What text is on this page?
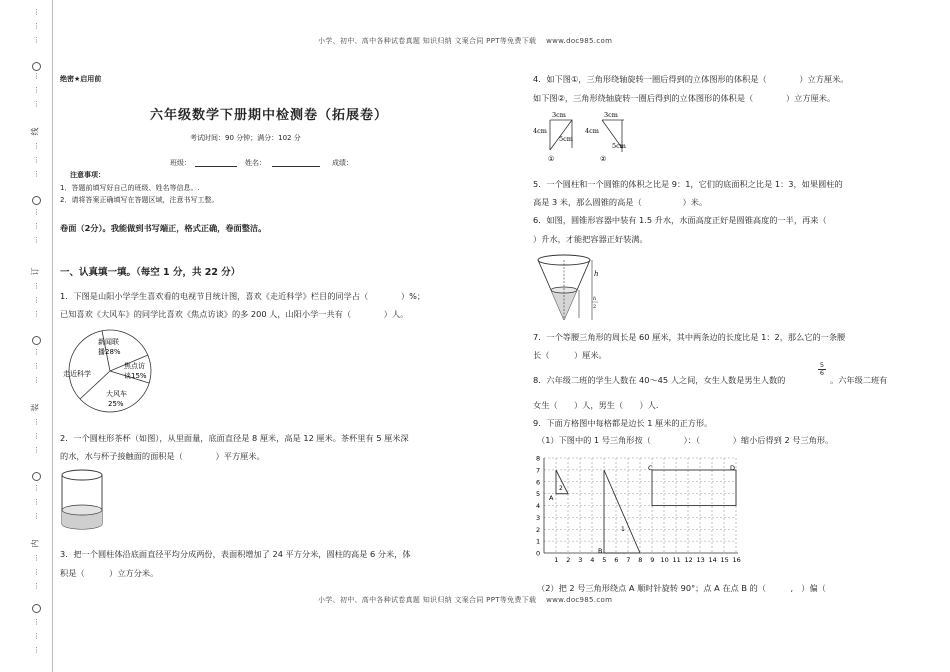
小学、初中、高中各种试卷真题 知识归纳 文案合同 PPT等免费下载　 www.doc985.com
小学、初中、高中各种试卷真题 知识归纳 文案合同 PPT等免费下载　 www.doc985.com
⋮
⋮
⋮
⋮
⋮
⋮
线
⋮
⋮
⋮
⋮
⋮
⋮
订
⋮
⋮
⋮
⋮
⋮
⋮
装
⋮
⋮
⋮
⋮
⋮
⋮
内
⋮
⋮
⋮
⋮
⋮
⋮
绝密★启用前
六年级数学下册期中检测卷（拓展卷）
考试时间：90 分钟；满分：102 分
班级：	姓名：	成绩：
注意事项：
1．答题前填写好自己的班级、姓名等信息。.
2．请将答案正确填写在答题区域，注意书写工整。
卷面（2分）。我能做到书写端正，格式正确，卷面整洁。
一、认真填一填。（每空 1 分，共 22 分）
1．下图是山阳小学学生喜欢看的电视节目统计图，喜欢《走近科学》栏目的同学占（　　　　）%；
已知喜欢《大风车》的同学比喜欢《焦点访谈》的多 200 人，山阳小学一共有（　　　　）人。
新闻联
播28%
焦点访
谈15%
走近科学
大风车
25%
2．一个圆柱形茶杯（如图），从里面量，底面直径是 8 厘米，高是 12 厘米。茶杯里有 5 厘米深
的水，水与杯子接触面的面积是（　　　　）平方厘米。
3．把一个圆柱体沿底面直径平均分成两份，表面积增加了 24 平方分米，圆柱的高是 6 分米，体
积是（　　　）立方分米。
4．如下图①，三角形绕轴旋转一圈后得到的立体图形的体积是（　　　　）立方厘米。
如下图②，三角形绕轴旋转一圈后得到的立体图形的体积是（　　　　）立方厘米。
3cm
4cm
5cm
①
3cm
4cm
5cm
②
5．一个圆柱和一个圆锥的体积之比是 9：1，它们的底面积之比是 1：3，如果圆柱的
高是 3 米，那么圆锥的高是（　　　　　）米。
6．如图，圆锥形容器中装有 1.5 升水，水面高度正好是圆锥高度的一半，再来（
）升水，才能把容器正好装满。
h
h
2
7．一个等腰三角形的周长是 60 厘米，其中两条边的长度比是 1：2，那么它的一条腰
长（　　　）厘米。
8．六年级二班的学生人数在 40～45 人之间，女生人数是男生人数的
$\frac{5}{6}$
。六年级二班有
女生（　　）人，男生（　　）人.
9．下面方格图中每格都是边长 1 厘米的正方形。
（1）下图中的 1 号三角形按（　　　　）：（　　　　）缩小后得到 2 号三角形。
8
7
6
5
4
3
2
1
0
1 2 3 4 5 6 7 8 9 10 11 12 13 14 15 16
2
A
1
B
C	D
（2）把 2 号三角形绕点 A 顺时针旋转 90°；点 A 在点 B 的（　　　,　）偏（
